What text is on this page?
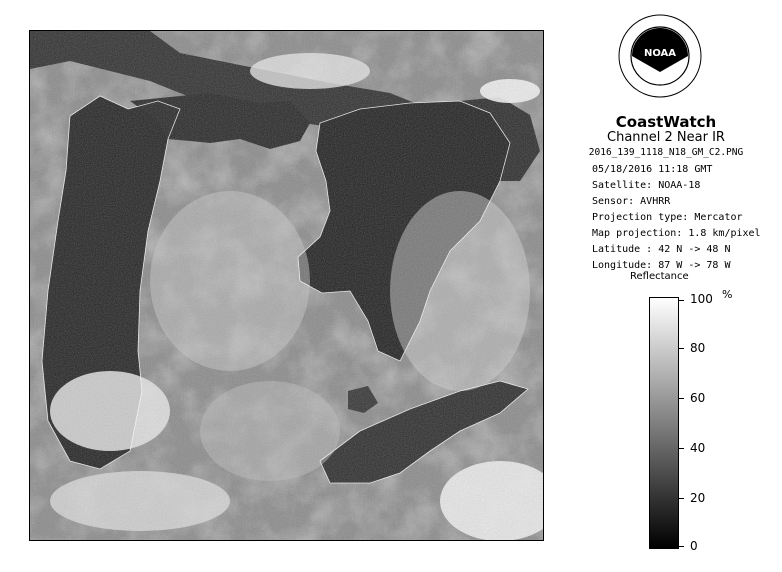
NOAA
CoastWatch
Channel 2 Near IR
2016_139_1118_N18_GM_C2.PNG
05/18/2016 11:18 GMT
Satellite: NOAA-18
Sensor: AVHRR
Projection type: Mercator
Map projection: 1.8 km/pixel
Latitude : 42 N -> 48 N
Longitude: 87 W -> 78 W
Reflectance
%
100
80
60
40
20
0
